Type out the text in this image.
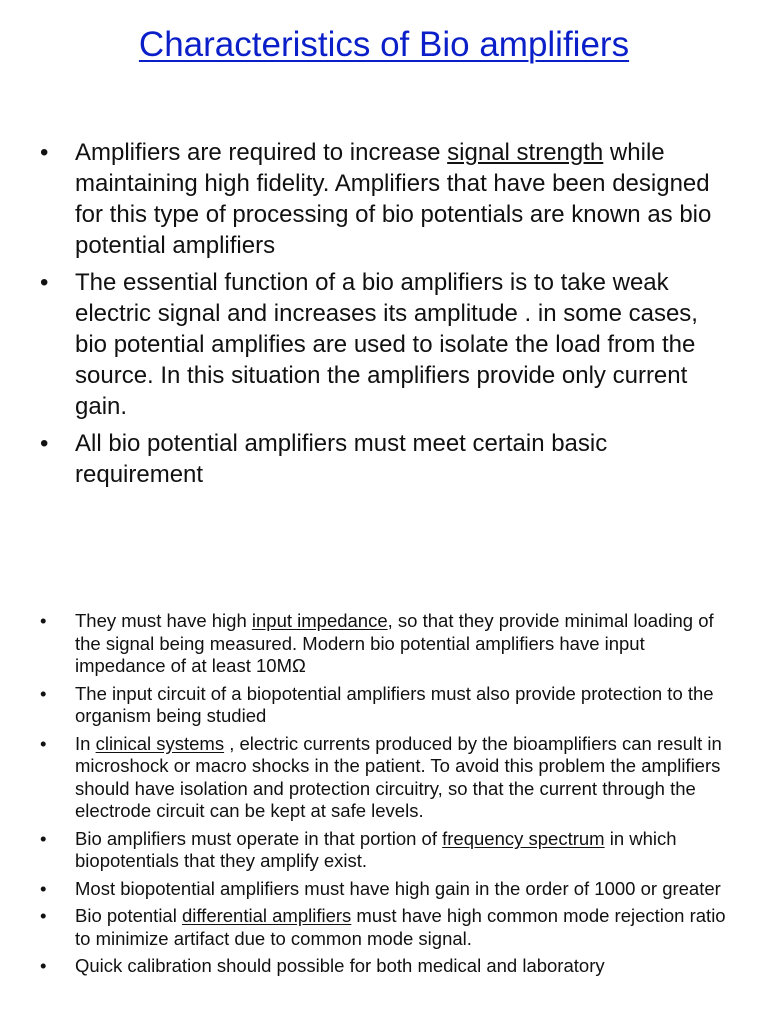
Characteristics of Bio amplifiers
• Amplifiers are required to increase signal strength while maintaining high fidelity. Amplifiers that have been designed for this type of processing of bio potentials are known as bio potential amplifiers
• The essential function of a bio amplifiers is to take weak electric signal and increases its amplitude . in some cases, bio potential amplifies are used to isolate the load from the source. In this situation the amplifiers provide only current gain.
• All bio potential amplifiers must meet certain basic requirement
• They must have high input impedance, so that they provide minimal loading of the signal being measured. Modern bio potential amplifiers have input impedance of at least 10MΩ
• The input circuit of a biopotential amplifiers must also provide protection to the organism being studied
• In clinical systems , electric currents produced by the bioamplifiers can result in microshock or macro shocks in the patient. To avoid this problem the amplifiers should have isolation and protection circuitry, so that the current through the electrode circuit can be kept at safe levels.
• Bio amplifiers must operate in that portion of frequency spectrum in which biopotentials that they amplify exist.
• Most biopotential amplifiers must have high gain in the order of 1000 or greater
• Bio potential differential amplifiers must have high common mode rejection ratio to minimize artifact due to common mode signal.
• Quick calibration should possible for both medical and laboratory
